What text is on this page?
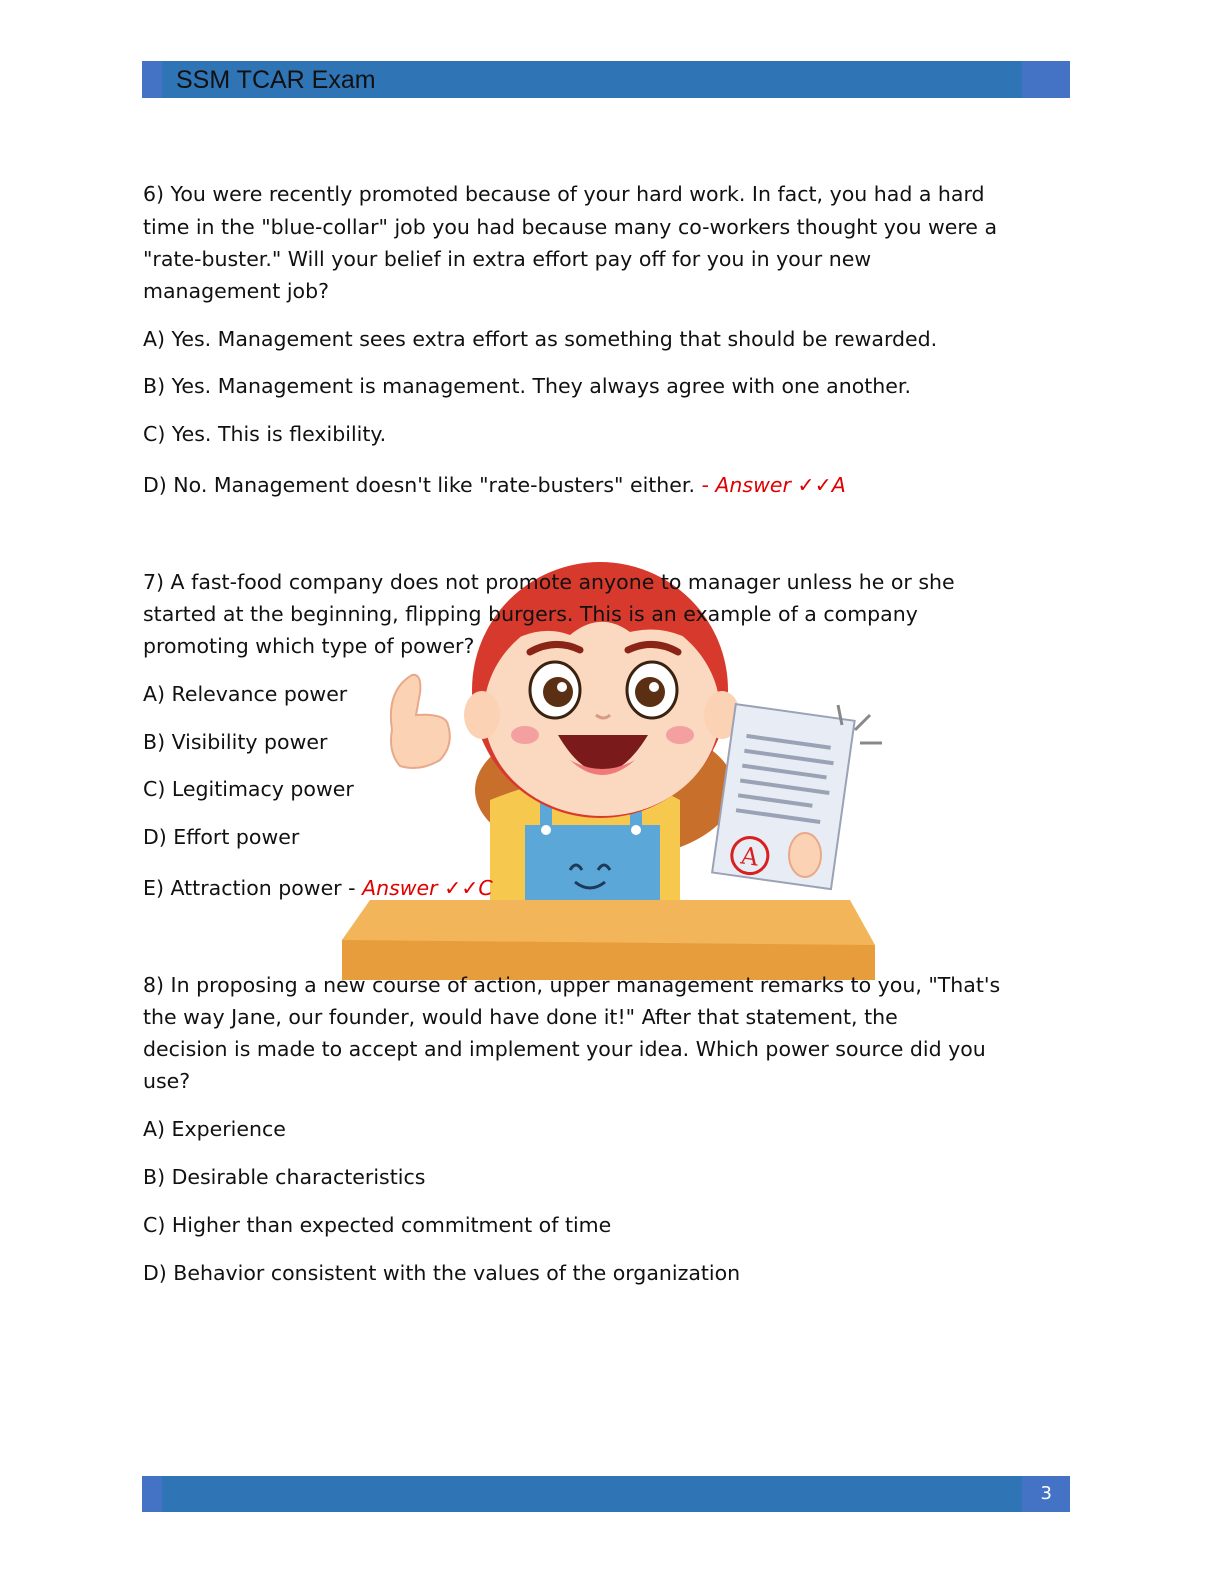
SSM TCAR Exam
A

6) You were recently promoted because of your hard work. In fact, you had a hard

time in the "blue-collar" job you had because many co-workers thought you were a

"rate-buster." Will your belief in extra effort pay off for you in your new

management job?

A) Yes. Management sees extra effort as something that should be rewarded.

B) Yes. Management is management. They always agree with one another.

C) Yes. This is flexibility.

D) No. Management doesn't like "rate-busters" either. - Answer ✓✓A

7) A fast-food company does not promote anyone to manager unless he or she

started at the beginning, flipping burgers. This is an example of a company

promoting which type of power?

A) Relevance power

B) Visibility power

C) Legitimacy power

D) Effort power

E) Attraction power - Answer ✓✓C

8) In proposing a new course of action, upper management remarks to you, "That's

the way Jane, our founder, would have done it!" After that statement, the

decision is made to accept and implement your idea. Which power source did you

use?

A) Experience

B) Desirable characteristics

C) Higher than expected commitment of time

D) Behavior consistent with the values of the organization

3
